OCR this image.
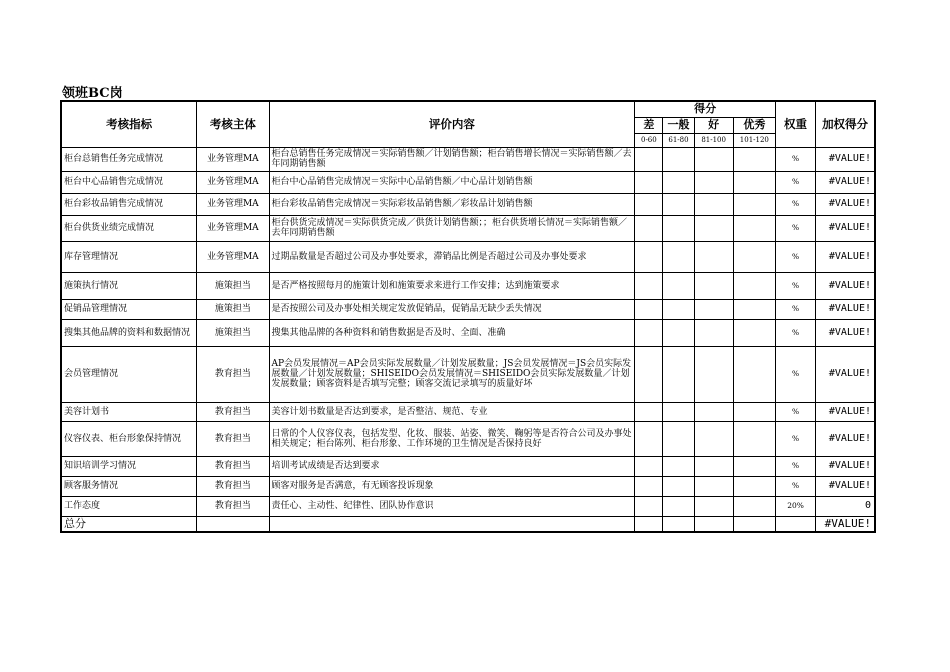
领班BC岗
考核指标	考核主体	评价内容	得分				权重	加权得分
			差	一般	好	优秀		
			0-60	61-80	81-100	101-120		
柜台总销售任务完成情况	业务管理MA	柜台总销售任务完成情况＝实际销售额／计划销售额；柜台销售增长情况＝实际销售额／去年同期销售额					%	#VALUE!
柜台中心品销售完成情况	业务管理MA	柜台中心品销售完成情况＝实际中心品销售额／中心品计划销售额					%	#VALUE!
柜台彩妆品销售完成情况	业务管理MA	柜台彩妆品销售完成情况＝实际彩妆品销售额／彩妆品计划销售额					%	#VALUE!
柜台供货业绩完成情况	业务管理MA	柜台供货完成情况＝实际供货完成／供货计划销售额；；柜台供货增长情况＝实际销售额／去年同期销售额					%	#VALUE!
库存管理情况	业务管理MA	过期品数量是否超过公司及办事处要求，滞销品比例是否超过公司及办事处要求					%	#VALUE!
施策执行情况	施策担当	是否严格按照每月的施策计划和施策要求来进行工作安排；达到施策要求					%	#VALUE!
促销品管理情况	施策担当	是否按照公司及办事处相关规定发放促销品，促销品无缺少丢失情况					%	#VALUE!
搜集其他品牌的资料和数据情况	施策担当	搜集其他品牌的各种资料和销售数据是否及时、全面、准确					%	#VALUE!
会员管理情况	教育担当	AP会员发展情况＝AP会员实际发展数量／计划发展数量；JS会员发展情况＝JS会员实际发展数量／计划发展数量；SHISEIDO会员发展情况＝SHISEIDO会员实际发展数量／计划发展数量；顾客资料是否填写完整；顾客交流记录填写的质量好坏					%	#VALUE!
美容计划书	教育担当	美容计划书数量是否达到要求，是否整洁、规范、专业					%	#VALUE!
仪容仪表、柜台形象保持情况	教育担当	日常的个人仪容仪表，包括发型、化妆、服装、站姿、微笑、鞠躬等是否符合公司及办事处相关规定；柜台陈列、柜台形象、工作环境的卫生情况是否保持良好					%	#VALUE!
知识培训学习情况	教育担当	培训考试成绩是否达到要求					%	#VALUE!
顾客服务情况	教育担当	顾客对服务是否满意，有无顾客投诉现象					%	#VALUE!
工作态度	教育担当	责任心、主动性、纪律性、团队协作意识					20%	0
总分								#VALUE!
